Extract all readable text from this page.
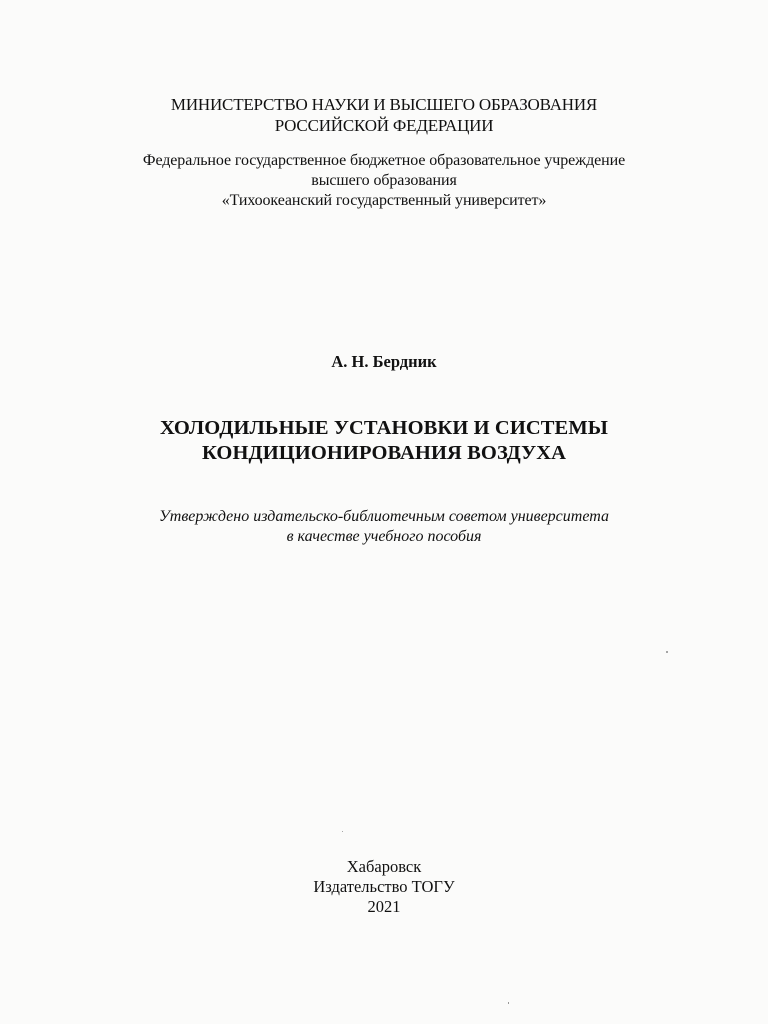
МИНИСТЕРСТВО НАУКИ И ВЫСШЕГО ОБРАЗОВАНИЯ
РОССИЙСКОЙ ФЕДЕРАЦИИ
Федеральное государственное бюджетное образовательное учреждение
высшего образования
«Тихоокеанский государственный университет»
А. Н. Бердник
ХОЛОДИЛЬНЫЕ УСТАНОВКИ И СИСТЕМЫ
КОНДИЦИОНИРОВАНИЯ ВОЗДУХА
Утверждено издательско-библиотечным советом университета
в качестве учебного пособия
Хабаровск
Издательство ТОГУ
2021
